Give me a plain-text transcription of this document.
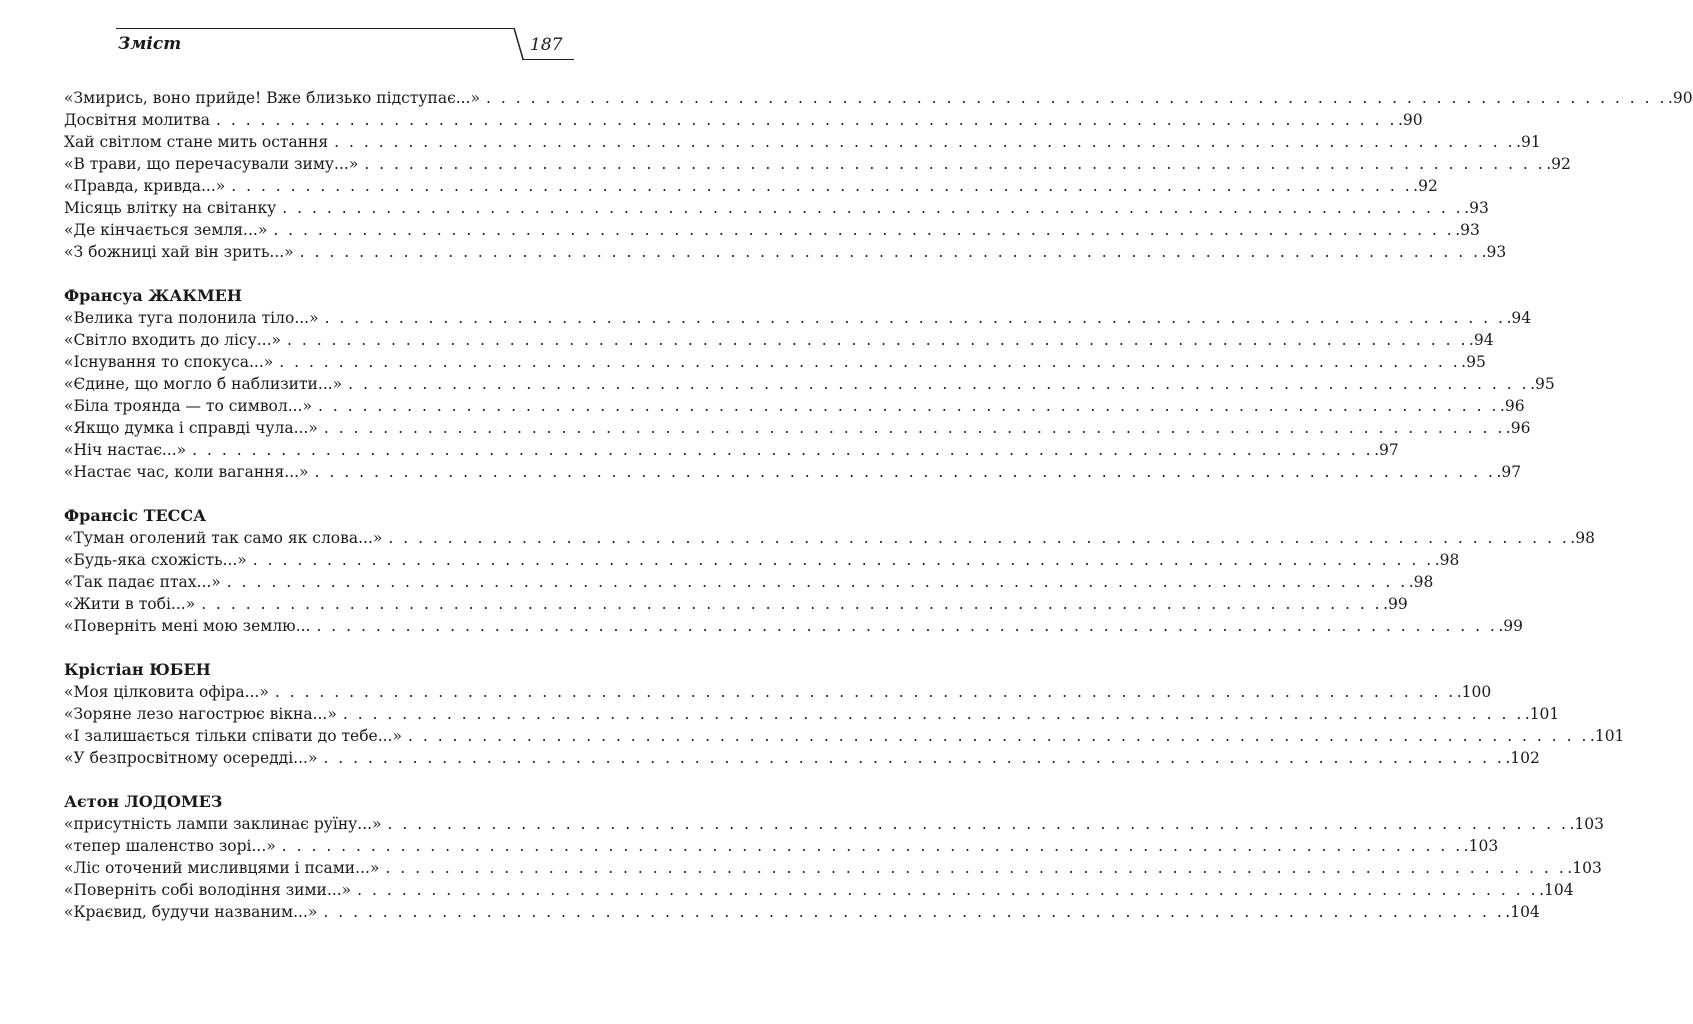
Зміст	187
«Змирись, воно прийде! Вже близько підступає...» . . . . . . . . . . . . . . . . . . . . . . . . . . . . . . . . . . . . . . . . . . . . . . . . . . . . . . . . . . . . . . . . . . . . . . . . . . . . . . . . .90
Досвітня молитва . . . . . . . . . . . . . . . . . . . . . . . . . . . . . . . . . . . . . . . . . . . . . . . . . . . . . . . . . . . . . . . . . . . . . . . . . . . . . . . . .90
Хай світлом стане мить остання . . . . . . . . . . . . . . . . . . . . . . . . . . . . . . . . . . . . . . . . . . . . . . . . . . . . . . . . . . . . . . . . . . . . . . . . . . . . . . . . .91
«В трави, що перечасували зиму...» . . . . . . . . . . . . . . . . . . . . . . . . . . . . . . . . . . . . . . . . . . . . . . . . . . . . . . . . . . . . . . . . . . . . . . . . . . . . . . . . .92
«Правда, кривда...» . . . . . . . . . . . . . . . . . . . . . . . . . . . . . . . . . . . . . . . . . . . . . . . . . . . . . . . . . . . . . . . . . . . . . . . . . . . . . . . . .92
Місяць влітку на світанку . . . . . . . . . . . . . . . . . . . . . . . . . . . . . . . . . . . . . . . . . . . . . . . . . . . . . . . . . . . . . . . . . . . . . . . . . . . . . . . . .93
«Де кінчається земля...» . . . . . . . . . . . . . . . . . . . . . . . . . . . . . . . . . . . . . . . . . . . . . . . . . . . . . . . . . . . . . . . . . . . . . . . . . . . . . . . . .93
«З божниці хай він зрить...» . . . . . . . . . . . . . . . . . . . . . . . . . . . . . . . . . . . . . . . . . . . . . . . . . . . . . . . . . . . . . . . . . . . . . . . . . . . . . . . . .93
Франсуа ЖАКМЕН
«Велика туга полонила тіло...» . . . . . . . . . . . . . . . . . . . . . . . . . . . . . . . . . . . . . . . . . . . . . . . . . . . . . . . . . . . . . . . . . . . . . . . . . . . . . . . . .94
«Світло входить до лісу...» . . . . . . . . . . . . . . . . . . . . . . . . . . . . . . . . . . . . . . . . . . . . . . . . . . . . . . . . . . . . . . . . . . . . . . . . . . . . . . . . .94
«Існування то спокуса...» . . . . . . . . . . . . . . . . . . . . . . . . . . . . . . . . . . . . . . . . . . . . . . . . . . . . . . . . . . . . . . . . . . . . . . . . . . . . . . . . .95
«Єдине, що могло б наблизити...» . . . . . . . . . . . . . . . . . . . . . . . . . . . . . . . . . . . . . . . . . . . . . . . . . . . . . . . . . . . . . . . . . . . . . . . . . . . . . . . . .95
«Біла троянда — то символ...» . . . . . . . . . . . . . . . . . . . . . . . . . . . . . . . . . . . . . . . . . . . . . . . . . . . . . . . . . . . . . . . . . . . . . . . . . . . . . . . . .96
«Якщо думка і справді чула...» . . . . . . . . . . . . . . . . . . . . . . . . . . . . . . . . . . . . . . . . . . . . . . . . . . . . . . . . . . . . . . . . . . . . . . . . . . . . . . . . .96
«Ніч настає...» . . . . . . . . . . . . . . . . . . . . . . . . . . . . . . . . . . . . . . . . . . . . . . . . . . . . . . . . . . . . . . . . . . . . . . . . . . . . . . . . .97
«Настає час, коли вагання...» . . . . . . . . . . . . . . . . . . . . . . . . . . . . . . . . . . . . . . . . . . . . . . . . . . . . . . . . . . . . . . . . . . . . . . . . . . . . . . . . .97
Франсіс ТЕССА
«Туман оголений так само як слова...» . . . . . . . . . . . . . . . . . . . . . . . . . . . . . . . . . . . . . . . . . . . . . . . . . . . . . . . . . . . . . . . . . . . . . . . . . . . . . . . . .98
«Будь-яка схожість...» . . . . . . . . . . . . . . . . . . . . . . . . . . . . . . . . . . . . . . . . . . . . . . . . . . . . . . . . . . . . . . . . . . . . . . . . . . . . . . . . .98
«Так падає птах...» . . . . . . . . . . . . . . . . . . . . . . . . . . . . . . . . . . . . . . . . . . . . . . . . . . . . . . . . . . . . . . . . . . . . . . . . . . . . . . . . .98
«Жити в тобі...» . . . . . . . . . . . . . . . . . . . . . . . . . . . . . . . . . . . . . . . . . . . . . . . . . . . . . . . . . . . . . . . . . . . . . . . . . . . . . . . . .99
«Поверніть мені мою землю... . . . . . . . . . . . . . . . . . . . . . . . . . . . . . . . . . . . . . . . . . . . . . . . . . . . . . . . . . . . . . . . . . . . . . . . . . . . . . . . . .99
Крістіан ЮБЕН
«Моя цілковита офіра...» . . . . . . . . . . . . . . . . . . . . . . . . . . . . . . . . . . . . . . . . . . . . . . . . . . . . . . . . . . . . . . . . . . . . . . . . . . . . . . . . .100
«Зоряне лезо нагострює вікна...» . . . . . . . . . . . . . . . . . . . . . . . . . . . . . . . . . . . . . . . . . . . . . . . . . . . . . . . . . . . . . . . . . . . . . . . . . . . . . . . . .101
«І залишається тільки співати до тебе...» . . . . . . . . . . . . . . . . . . . . . . . . . . . . . . . . . . . . . . . . . . . . . . . . . . . . . . . . . . . . . . . . . . . . . . . . . . . . . . . . .101
«У безпросвітному осередді...» . . . . . . . . . . . . . . . . . . . . . . . . . . . . . . . . . . . . . . . . . . . . . . . . . . . . . . . . . . . . . . . . . . . . . . . . . . . . . . . . .102
Аєтон ЛОДОМЕЗ
«присутність лампи заклинає руїну...» . . . . . . . . . . . . . . . . . . . . . . . . . . . . . . . . . . . . . . . . . . . . . . . . . . . . . . . . . . . . . . . . . . . . . . . . . . . . . . . . .103
«тепер шаленство зорі...» . . . . . . . . . . . . . . . . . . . . . . . . . . . . . . . . . . . . . . . . . . . . . . . . . . . . . . . . . . . . . . . . . . . . . . . . . . . . . . . . .103
«Ліс оточений мисливцями і псами...» . . . . . . . . . . . . . . . . . . . . . . . . . . . . . . . . . . . . . . . . . . . . . . . . . . . . . . . . . . . . . . . . . . . . . . . . . . . . . . . . .103
«Поверніть собі володіння зими...» . . . . . . . . . . . . . . . . . . . . . . . . . . . . . . . . . . . . . . . . . . . . . . . . . . . . . . . . . . . . . . . . . . . . . . . . . . . . . . . . .104
«Краєвид, будучи названим...» . . . . . . . . . . . . . . . . . . . . . . . . . . . . . . . . . . . . . . . . . . . . . . . . . . . . . . . . . . . . . . . . . . . . . . . . . . . . . . . . .104
